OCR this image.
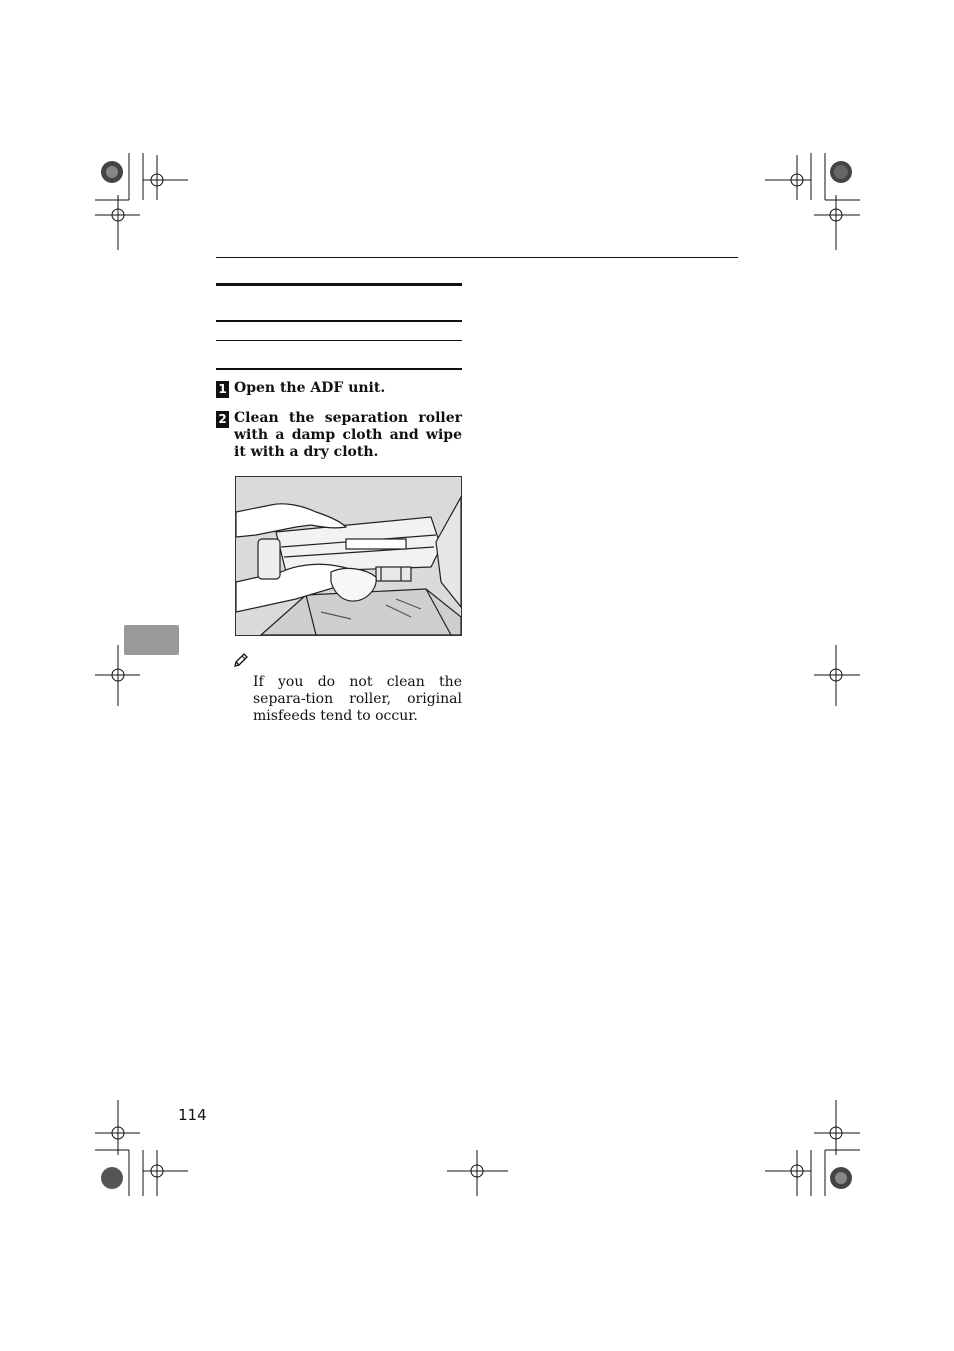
1 Open the ADF unit.
2 Clean the separation roller with a damp cloth and wipe it with a dry cloth.
If you do not clean the separa-tion roller, original misfeeds tend to occur.
114
